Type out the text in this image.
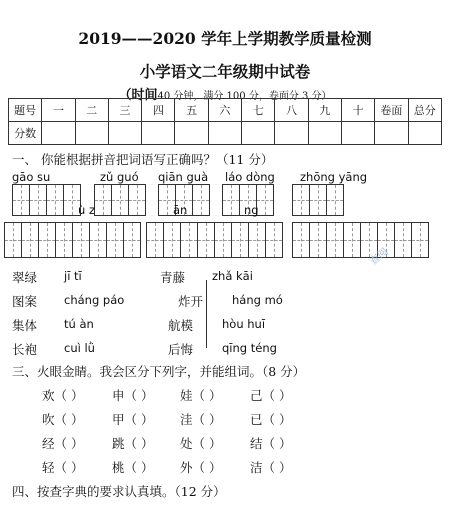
2019——2020 学年上学期教学质量检测
小学语文二年级期中试卷
（时间40 分钟，满分 100 分，卷面分 3 分）
题号	一	二	三	四	五	六	七	八	九	十	卷面	总分
分数												
一、 你能根据拼音把词语写正确吗？（11 分）
gāo su	zǔ guó qiān guà láo dòng zhōng yāng
ù z	ān	ng
查阅
翠绿 jī tī	青藤 zhǎ kāi
图案 cháng páo	炸开	háng mó
集体 tú àn	航模	hòu huī
长袍 cuì lǜ	后悔	qīng téng
三、火眼金睛。我会区分下列字，并能组词。（8 分）
欢（ ） 申（ ） 娃（ ） 己（ ）
吹（ ） 甲（ ） 洼（ ） 已（ ）
经（ ） 跳（ ） 处（ ） 结（ ）
轻（ ） 桃（ ） 外（ ） 洁（ ）
四、按查字典的要求认真填。（12 分）
